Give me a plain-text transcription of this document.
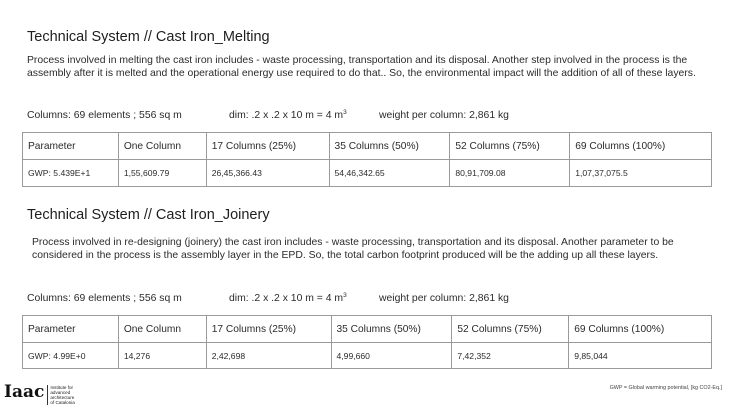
Technical System // Cast Iron_Melting
Process involved in melting the cast iron includes - waste processing, transportation and its disposal. Another step involved in the process is the assembly after it is melted and the operational energy use required to do that.. So, the environmental impact will the addition of all of these layers.
Columns: 69 elements ; 556 sq m	dim: .2 x .2 x 10 m = 4 $m^3$	weight per column: 2,861 kg
Parameter	One Column	17 Columns (25%)	35 Columns (50%)	52 Columns (75%)	69 Columns (100%)
GWP: 5.439E+1	1,55,609.79	26,45,366.43	54,46,342.65	80,91,709.08	1,07,37,075.5
Technical System // Cast Iron_Joinery
Process involved in re-designing (joinery) the cast iron includes - waste processing, transportation and its disposal. Another parameter to be considered in the process is the assembly layer in the EPD. So, the total carbon footprint produced will be the adding up all these layers.
Columns: 69 elements ; 556 sq m	dim: .2 x .2 x 10 m = 4 $m^3$	weight per column: 2,861 kg
Parameter	One Column	17 Columns (25%)	35 Columns (50%)	52 Columns (75%)	69 Columns (100%)
GWP: 4.99E+0	14,276	2,42,698	4,99,660	7,42,352	9,85,044
Iaac Institute for
advanced
architecture
of Catalonia
GWP = Global warming potential, [kg CO2-Eq.]
